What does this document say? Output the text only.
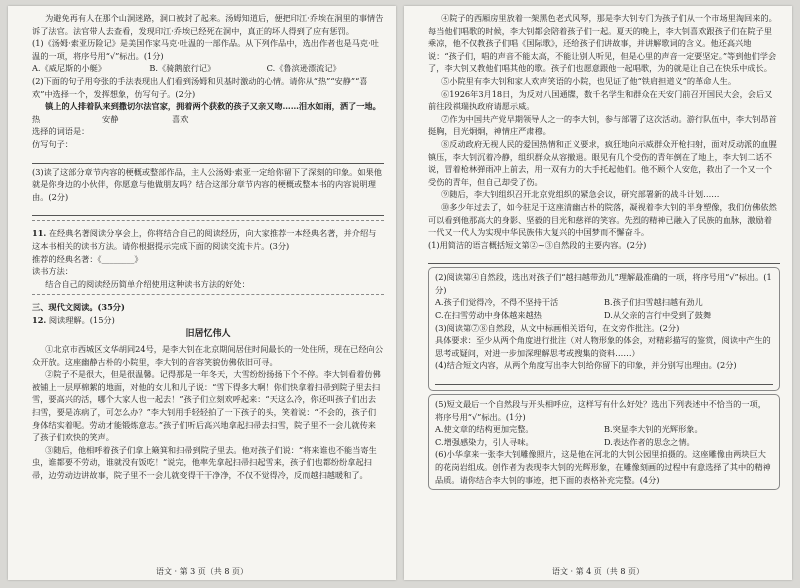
为避免再有人在那个山洞迷路，洞口被封了起来。汤姆知道后，便把印江·乔埃在洞里的事情告诉了法官。法官带人去查看，发现印江·乔埃已经死在洞中，真正的坏人得到了应有惩罚。

(1)《汤姆·索亚历险记》是美国作家马克·吐温的一部作品。从下列作品中，选出作者也是马克·吐温的一项，将序号用“√”标出。(1分)

A.《威尼斯的小艇》	B.《骑鹅旅行记》	C.《鲁滨逊漂流记》

(2)下面的句子用夸张的手法表现出人们看到汤姆和贝基时激动的心情。请你从“热”“安静”“喜欢”中选择一个，发挥想象，仿写句子。(2分)

镇上的人排着队来到撒切尔法官家，拥着两个获救的孩子又亲又吻……泪水如雨，洒了一地。

热	安静	喜欢

选择的词语是：

仿写句子：

(3)读了这部分章节内容的梗概或整部作品，主人公汤姆·索亚一定给你留下了深刻的印象。如果他就是你身边的小伙伴，你愿意与他做朋友吗？结合这部分章节内容的梗概或整本书的内容说明理由。(2分)

11. 在经典名著阅读分享会上，你将结合自己的阅读经历，向大家推荐一本经典名著，并介绍与这本书相关的读书方法。请你根据提示完成下面的阅读交流卡片。(3分)

推荐的经典名著：《________》

读书方法：

结合自己的阅读经历简单介绍使用这种读书方法的好处：

三、现代文阅读。(35分)

12. 阅读理解。(15分)

旧居忆伟人

①北京市西城区文华胡同24号，是李大钊在北京期间居住时间最长的一处住所，现在已经向公众开放。这座幽静古朴的小院里，李大钊的音容笑貌仿佛依旧可寻。

②院子不是很大，但是很温馨。记得那是一年冬天，大雪纷纷扬扬下个不停。李大钊看着仿佛被铺上一层厚棉絮的地面，对他的女儿和儿子说：“雪下得多大啊！你们快拿着扫帚到院子里去扫雪，要高兴的活，哪个大家人也一起去！”孩子们立刻欢呼起来：“天这么冷，你还叫孩子们出去扫雪，要是冻病了，可怎么办？”李大钊用手轻轻拍了一下孩子的头，笑着说：“不会的，孩子们身体结实着呢。劳动才能锻炼意志。”孩子们听后高兴地拿起扫帚去扫雪，院子里不一会儿就传来了孩子们欢快的笑声。

③随后，他相呼着孩子们拿上簸箕和扫帚到院子里去。他对孩子们说：“将来谁也不能当寄生虫，谁都要不劳动，谁就没有饭吃！”说完，他率先拿起扫帚扫起雪来，孩子们也都纷纷拿起扫帚，边劳动边讲故事，院子里不一会儿就变得干干净净，不仅不觉得冷，反而越扫越暖和了。

语文 · 第 3 页（共 8 页）

④院子的西厢房里放着一架黑色老式风琴，那是李大钊专门为孩子们从一个市场里淘回来的。每当他们唱歌的时候，李大钊都会陪着孩子们一起。夏天的晚上，李大钊喜欢跟孩子们在院子里乘凉，他不仅教孩子们唱《国际歌》，还给孩子们讲故事，并讲解歌词的含义。他还高兴地说：“孩子们，唱的声音不能太高，不能让别人听见，但是心里的声音一定要坚定。”等到他们学会了，李大钊又教他们唱其他的歌。孩子们也愿意跟他一起唱歌，为的就是让自己在快乐中成长。

⑤小院里有李大钊和家人欢声笑语的小院，也见证了他“铁肩担道义”的革命人生。

⑥1926年3月18日，为反对八国通牒，数千名学生和群众在天安门前召开国民大会，会后又前往段祺瑞执政府请愿示威。

⑦作为中国共产党早期领导人之一的李大钊，参与部署了这次活动。游行队伍中，李大钊昂首挺胸，目光炯炯，神情庄严肃穆。

⑧反动政府无视人民的爱国热情和正义要求，疯狂地向示威群众开枪扫射，面对反动派的血腥镇压，李大钊沉着冷静，组织群众从容撤退。眼见有几个受伤的青年倒在了地上，李大钊二话不说，冒着枪林弹雨冲上前去，用一双有力的大手托起他们。他不顾个人安危，救出了一个又一个受伤的青年，但自己却受了伤。

⑨随后，李大钊组织召开北京党组织的紧急会议，研究部署新的战斗计划……

⑩多少年过去了，如今驻足于这座清幽古朴的院落，凝视着李大钊的半身塑像，我们仿佛依然可以看到他那高大的身影、坚毅的目光和慈祥的笑容。先烈的精神已融入了民族的血脉，激励着一代又一代人为实现中华民族伟大复兴的中国梦而不懈奋斗。

(1)用简洁的语言概括短文第②~③自然段的主要内容。(2分)

(2)阅读第④自然段，选出对孩子们“越扫越带劲儿”理解最准确的一项，将序号用“√”标出。(1分)

A.孩子们觉得冷，不得不坚持干活	B.孩子们扫雪越扫越有劲儿
C.在扫雪劳动中身体越来越热	D.从父亲的言行中受到了鼓舞

(3)阅读第⑦⑧自然段，从文中标画相关语句，在文旁作批注。(2分)

具体要求：至少从两个角度进行批注（对人物形象的体会，对精彩描写的鉴赏，阅读中产生的思考或疑问，对进一步加深理解思考或搜集的资料……）

(4)结合短文内容，从两个角度写出李大钊给你留下的印象，并分别写出理由。(2分)

(5)短文最后一个自然段与开头相呼应，这样写有什么好处？选出下列表述中不恰当的一项，将序号用“√”标出。(1分)

A.使文章的结构更加完整。	B.突显李大钊的光辉形象。
C.增强感染力，引人寻味。	D.表达作者的思念之情。

(6)小华拿来一张李大钊雕像照片，这是他在河北的大钊公园里拍摄的。这座雕像由两块巨大的花岗岩组成。创作者为表现李大钊的光辉形象，在雕像刻画的过程中有意选择了其中的精神品质。请你结合李大钊的事迹，把下面的表格补充完整。(4分)

语文 · 第 4 页（共 8 页）
